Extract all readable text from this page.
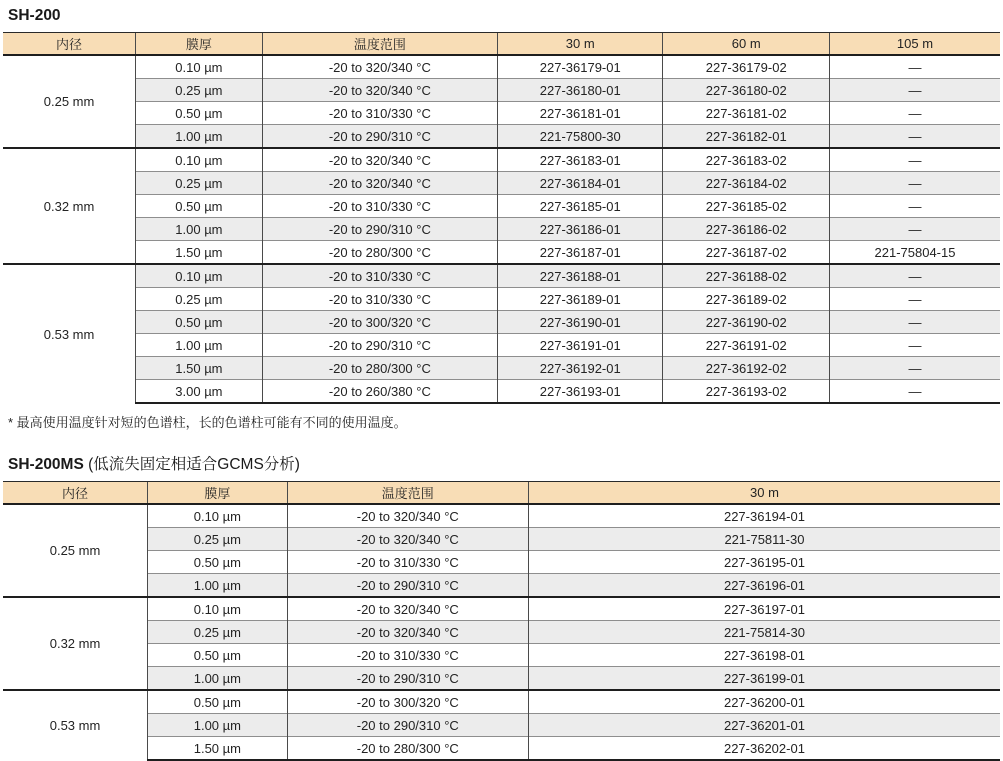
SH-200
内径	膜厚	温度范围	30 m	60 m	105 m
0.25 mm	0.10 µm	-20 to 320/340 °C	227-36179-01	227-36179-02	—
	0.25 µm	-20 to 320/340 °C	227-36180-01	227-36180-02	—
	0.50 µm	-20 to 310/330 °C	227-36181-01	227-36181-02	—
	1.00 µm	-20 to 290/310 °C	221-75800-30	227-36182-01	—
0.32 mm	0.10 µm	-20 to 320/340 °C	227-36183-01	227-36183-02	—
	0.25 µm	-20 to 320/340 °C	227-36184-01	227-36184-02	—
	0.50 µm	-20 to 310/330 °C	227-36185-01	227-36185-02	—
	1.00 µm	-20 to 290/310 °C	227-36186-01	227-36186-02	—
	1.50 µm	-20 to 280/300 °C	227-36187-01	227-36187-02	221-75804-15
0.53 mm	0.10 µm	-20 to 310/330 °C	227-36188-01	227-36188-02	—
	0.25 µm	-20 to 310/330 °C	227-36189-01	227-36189-02	—
	0.50 µm	-20 to 300/320 °C	227-36190-01	227-36190-02	—
	1.00 µm	-20 to 290/310 °C	227-36191-01	227-36191-02	—
	1.50 µm	-20 to 280/300 °C	227-36192-01	227-36192-02	—
	3.00 µm	-20 to 260/380 °C	227-36193-01	227-36193-02	—
* 最高使用温度针对短的色谱柱，长的色谱柱可能有不同的使用温度。
SH-200MS (低流失固定相适合GCMS分析)
内径	膜厚	温度范围	30 m
0.25 mm	0.10 µm	-20 to 320/340 °C	227-36194-01
	0.25 µm	-20 to 320/340 °C	221-75811-30
	0.50 µm	-20 to 310/330 °C	227-36195-01
	1.00 µm	-20 to 290/310 °C	227-36196-01
0.32 mm	0.10 µm	-20 to 320/340 °C	227-36197-01
	0.25 µm	-20 to 320/340 °C	221-75814-30
	0.50 µm	-20 to 310/330 °C	227-36198-01
	1.00 µm	-20 to 290/310 °C	227-36199-01
0.53 mm	0.50 µm	-20 to 300/320 °C	227-36200-01
	1.00 µm	-20 to 290/310 °C	227-36201-01
	1.50 µm	-20 to 280/300 °C	227-36202-01
